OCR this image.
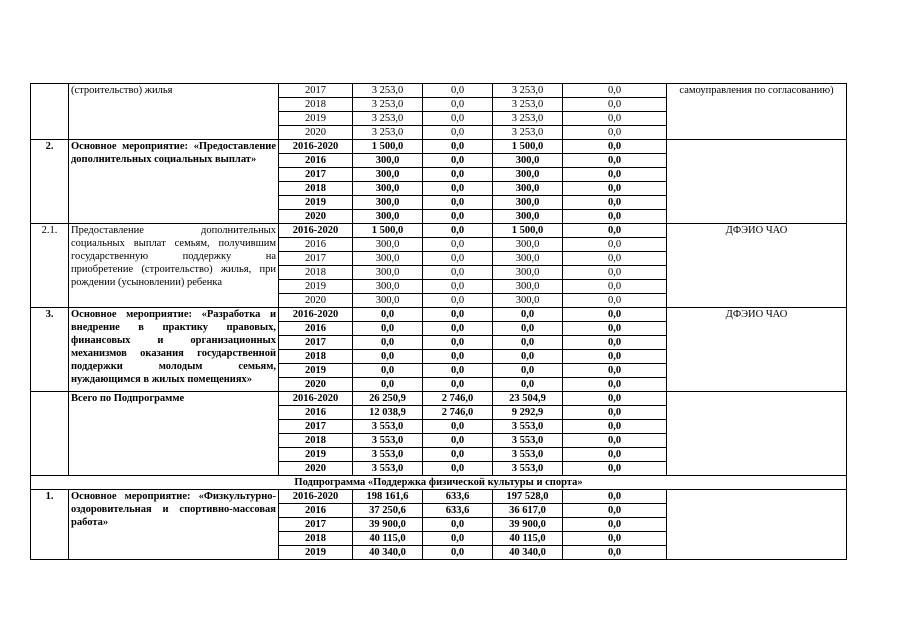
	(строительство) жилья	2017	3 253,0	0,0	3 253,0	0,0	самоуправления по согласованию)
		2018	3 253,0	0,0	3 253,0	0,0	
		2019	3 253,0	0,0	3 253,0	0,0	
		2020	3 253,0	0,0	3 253,0	0,0	
2.	Основное мероприятие: «Предоставление дополнительных социальных выплат»	2016-2020	1 500,0	0,0	1 500,0	0,0	
		2016	300,0	0,0	300,0	0,0	
		2017	300,0	0,0	300,0	0,0	
		2018	300,0	0,0	300,0	0,0	
		2019	300,0	0,0	300,0	0,0	
		2020	300,0	0,0	300,0	0,0	
2.1.	Предоставление дополнительных социальных выплат семьям, получившим государственную поддержку на приобретение (строительство) жилья, при рождении (усыновлении) ребенка	2016-2020	1 500,0	0,0	1 500,0	0,0	ДФЭИО ЧАО
		2016	300,0	0,0	300,0	0,0	
		2017	300,0	0,0	300,0	0,0	
		2018	300,0	0,0	300,0	0,0	
		2019	300,0	0,0	300,0	0,0	
		2020	300,0	0,0	300,0	0,0	
3.	Основное мероприятие: «Разработка и внедрение в практику правовых, финансовых и организационных механизмов оказания государственной поддержки молодым семьям, нуждающимся в жилых помещениях»	2016-2020	0,0	0,0	0,0	0,0	ДФЭИО ЧАО
		2016	0,0	0,0	0,0	0,0	
		2017	0,0	0,0	0,0	0,0	
		2018	0,0	0,0	0,0	0,0	
		2019	0,0	0,0	0,0	0,0	
		2020	0,0	0,0	0,0	0,0	
	Всего по Подпрограмме	2016-2020	26 250,9	2 746,0	23 504,9	0,0	
		2016	12 038,9	2 746,0	9 292,9	0,0	
		2017	3 553,0	0,0	3 553,0	0,0	
		2018	3 553,0	0,0	3 553,0	0,0	
		2019	3 553,0	0,0	3 553,0	0,0	
		2020	3 553,0	0,0	3 553,0	0,0	
Подпрограмма «Поддержка физической культуры и спорта»							
1.	Основное мероприятие: «Физкультурно-оздоровительная и спортивно-массовая работа»	2016-2020	198 161,6	633,6	197 528,0	0,0	
		2016	37 250,6	633,6	36 617,0	0,0	
		2017	39 900,0	0,0	39 900,0	0,0	
		2018	40 115,0	0,0	40 115,0	0,0	
		2019	40 340,0	0,0	40 340,0	0,0	
